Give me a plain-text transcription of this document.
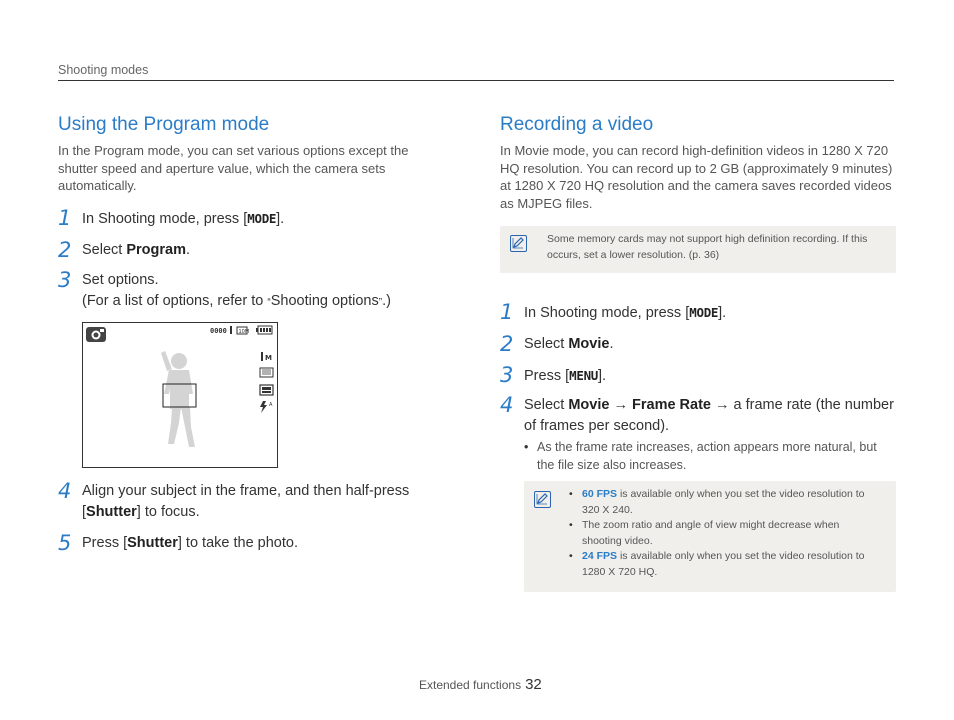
Shooting modes
Using the Program mode

In the Program mode, you can set various options except the shutter speed and aperture value, which the camera sets automatically.

1 In Shooting mode, press [MODE].
2 Select Program.
3 Set options.
(For a list of options, refer to “Shooting options”.)
0000 10M
M
A
4 Align your subject in the frame, and then half-press [Shutter] to focus.
5 Press [Shutter] to take the photo.
Recording a video

In Movie mode, you can record high-definition videos in 1280 X 720 HQ resolution. You can record up to 2 GB (approximately 9 minutes) at 1280 X 720 HQ resolution and the camera saves recorded videos as MJPEG files.

Some memory cards may not support high definition recording. If this occurs, set a lower resolution. (p. 36)
1 In Shooting mode, press [MODE].
2 Select Movie.
3 Press [MENU].
4 Select Movie → Frame Rate → a frame rate (the number of frames per second).
• As the frame rate increases, action appears more natural, but the file size also increases.
• 60 FPS is available only when you set the video resolution to 320 X 240.
• The zoom ratio and angle of view might decrease when shooting video.
• 24 FPS is available only when you set the video resolution to 1280 X 720 HQ.
Extended functions 32
